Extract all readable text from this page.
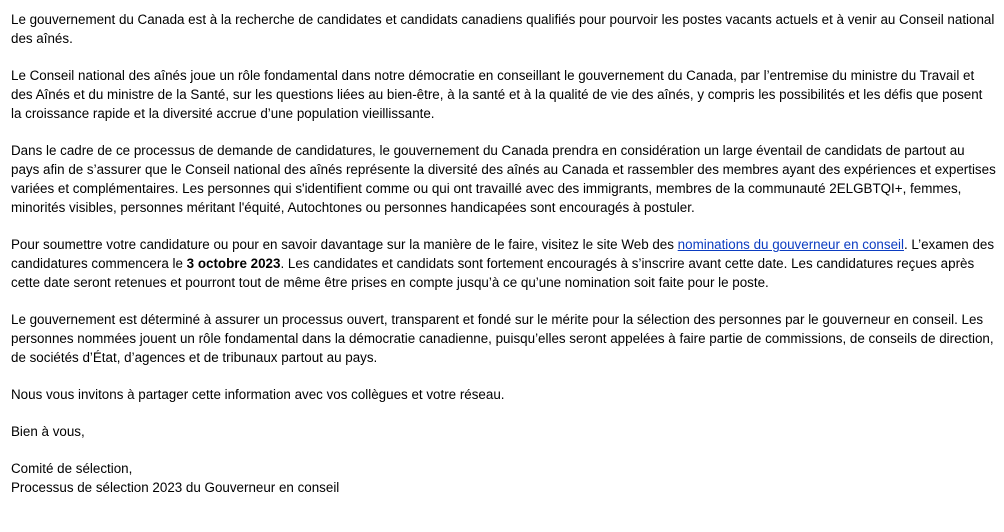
Le gouvernement du Canada est à la recherche de candidates et candidats canadiens qualifiés pour pourvoir les postes vacants actuels et à venir au Conseil national des aînés.

Le Conseil national des aînés joue un rôle fondamental dans notre démocratie en conseillant le gouvernement du Canada, par l’entremise du ministre du Travail et des Aînés et du ministre de la Santé, sur les questions liées au bien-être, à la santé et à la qualité de vie des aînés, y compris les possibilités et les défis que posent la croissance rapide et la diversité accrue d’une population vieillissante.

Dans le cadre de ce processus de demande de candidatures, le gouvernement du Canada prendra en considération un large éventail de candidats de partout au pays afin de s’assurer que le Conseil national des aînés représente la diversité des aînés au Canada et rassembler des membres ayant des expériences et expertises variées et complémentaires. Les personnes qui s'identifient comme ou qui ont travaillé avec des immigrants, membres de la communauté 2ELGBTQI+, femmes, minorités visibles, personnes méritant l'équité, Autochtones ou personnes handicapées sont encouragés à postuler.

Pour soumettre votre candidature ou pour en savoir davantage sur la manière de le faire, visitez le site Web des nominations du gouverneur en conseil. L’examen des candidatures commencera le 3 octobre 2023. Les candidates et candidats sont fortement encouragés à s’inscrire avant cette date. Les candidatures reçues après cette date seront retenues et pourront tout de même être prises en compte jusqu’à ce qu’une nomination soit faite pour le poste.

Le gouvernement est déterminé à assurer un processus ouvert, transparent et fondé sur le mérite pour la sélection des personnes par le gouverneur en conseil. Les personnes nommées jouent un rôle fondamental dans la démocratie canadienne, puisqu’elles seront appelées à faire partie de commissions, de conseils de direction, de sociétés d’État, d’agences et de tribunaux partout au pays.

Nous vous invitons à partager cette information avec vos collègues et votre réseau.

Bien à vous,

Comité de sélection,

Processus de sélection 2023 du Gouverneur en conseil
